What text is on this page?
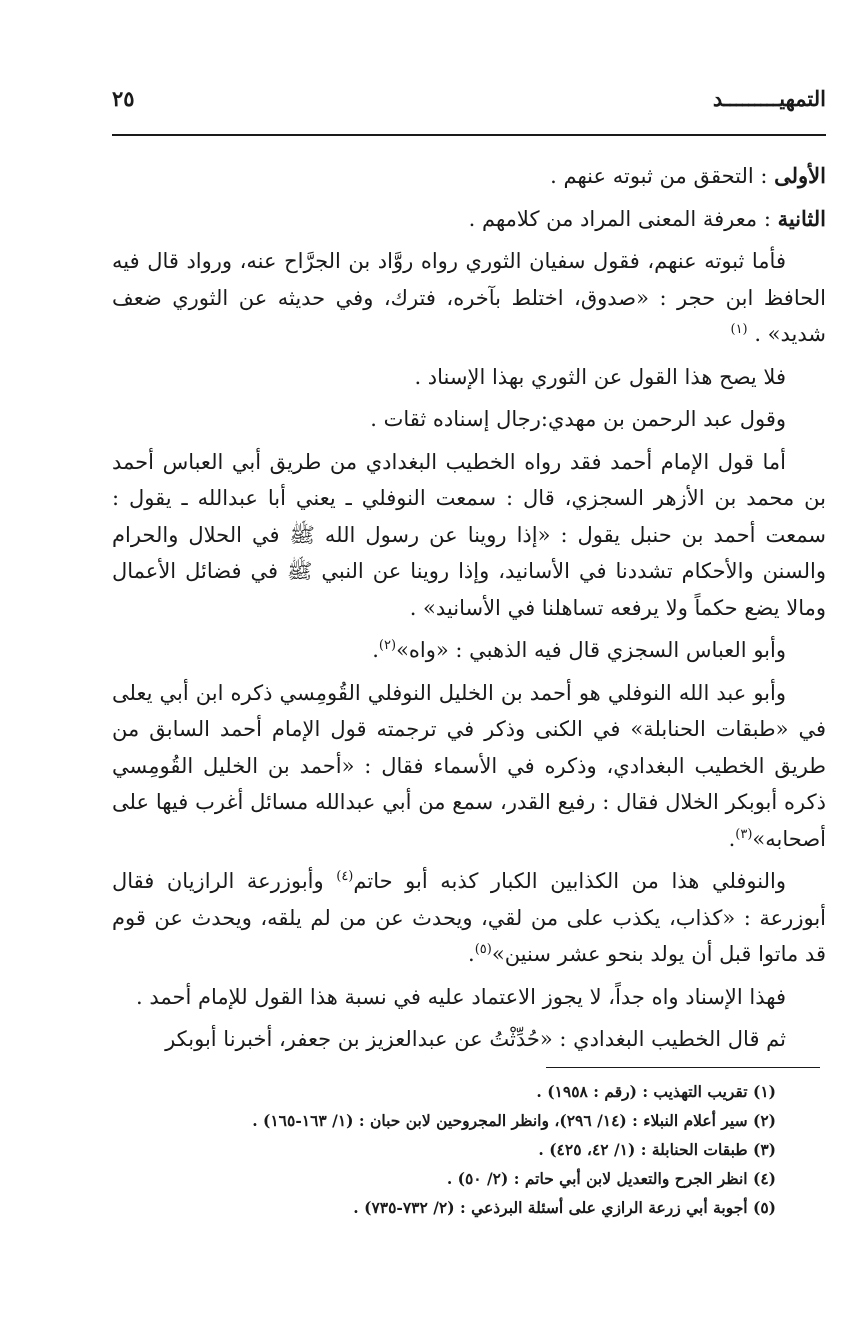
التمهيـــــــــد
٢٥

الأولى : التحقق من ثبوته عنهم .

الثانية : معرفة المعنى المراد من كلامهم .

فأما ثبوته عنهم، فقول سفيان الثوري رواه روَّاد بن الجرَّاح عنه، ورواد قال فيه الحافظ ابن حجر : «صدوق، اختلط بآخره، فترك، وفي حديثه عن الثوري ضعف شديد» . $^{(١)}$

فلا يصح هذا القول عن الثوري بهذا الإسناد .

وقول عبد الرحمن بن مهدي:رجال إسناده ثقات .

أما قول الإمام أحمد فقد رواه الخطيب البغدادي من طريق أبي العباس أحمد بن محمد بن الأزهر السجزي، قال : سمعت النوفلي ـ يعني أبا عبدالله ـ يقول : سمعت أحمد بن حنبل يقول : «إذا روينا عن رسول الله ﷺ في الحلال والحرام والسنن والأحكام تشددنا في الأسانيد، وإذا روينا عن النبي ﷺ في فضائل الأعمال ومالا يضع حكماً ولا يرفعه تساهلنا في الأسانيد» .

وأبو العباس السجزي قال فيه الذهبي : «واه»$^{(٢)}$.

وأبو عبد الله النوفلي هو أحمد بن الخليل النوفلي القُومِسي ذكره ابن أبي يعلى في «طبقات الحنابلة» في الكنى وذكر في ترجمته قول الإمام أحمد السابق من طريق الخطيب البغدادي، وذكره في الأسماء فقال : «أحمد بن الخليل القُومِسي ذكره أبوبكر الخلال فقال : رفيع القدر، سمع من أبي عبدالله مسائل أغرب فيها على أصحابه»$^{(٣)}$.

والنوفلي هذا من الكذابين الكبار كذبه أبو حاتم$^{(٤)}$ وأبوزرعة الرازيان فقال أبوزرعة : «كذاب، يكذب على من لقي، ويحدث عن من لم يلقه، ويحدث عن قوم قد ماتوا قبل أن يولد بنحو عشر سنين»$^{(٥)}$.

فهذا الإسناد واه جداً، لا يجوز الاعتماد عليه في نسبة هذا القول للإمام أحمد .

ثم قال الخطيب البغدادي : «حُدِّثْتُ عن عبدالعزيز بن جعفر، أخبرنا أبوبكر

(١) تقريب التهذيب : (رقم : ١٩٥٨) .
(٢) سير أعلام النبلاء : (١٤/ ٢٩٦)، وانظر المجروحين لابن حبان : (١/ ١٦٣-١٦٥) .
(٣) طبقات الحنابلة : (١/ ٤٢، ٤٢٥) .
(٤) انظر الجرح والتعديل لابن أبي حاتم : (٢/ ٥٠) .
(٥) أجوبة أبي زرعة الرازي على أسئلة البرذعي : (٢/ ٧٣٢-٧٣٥) .
